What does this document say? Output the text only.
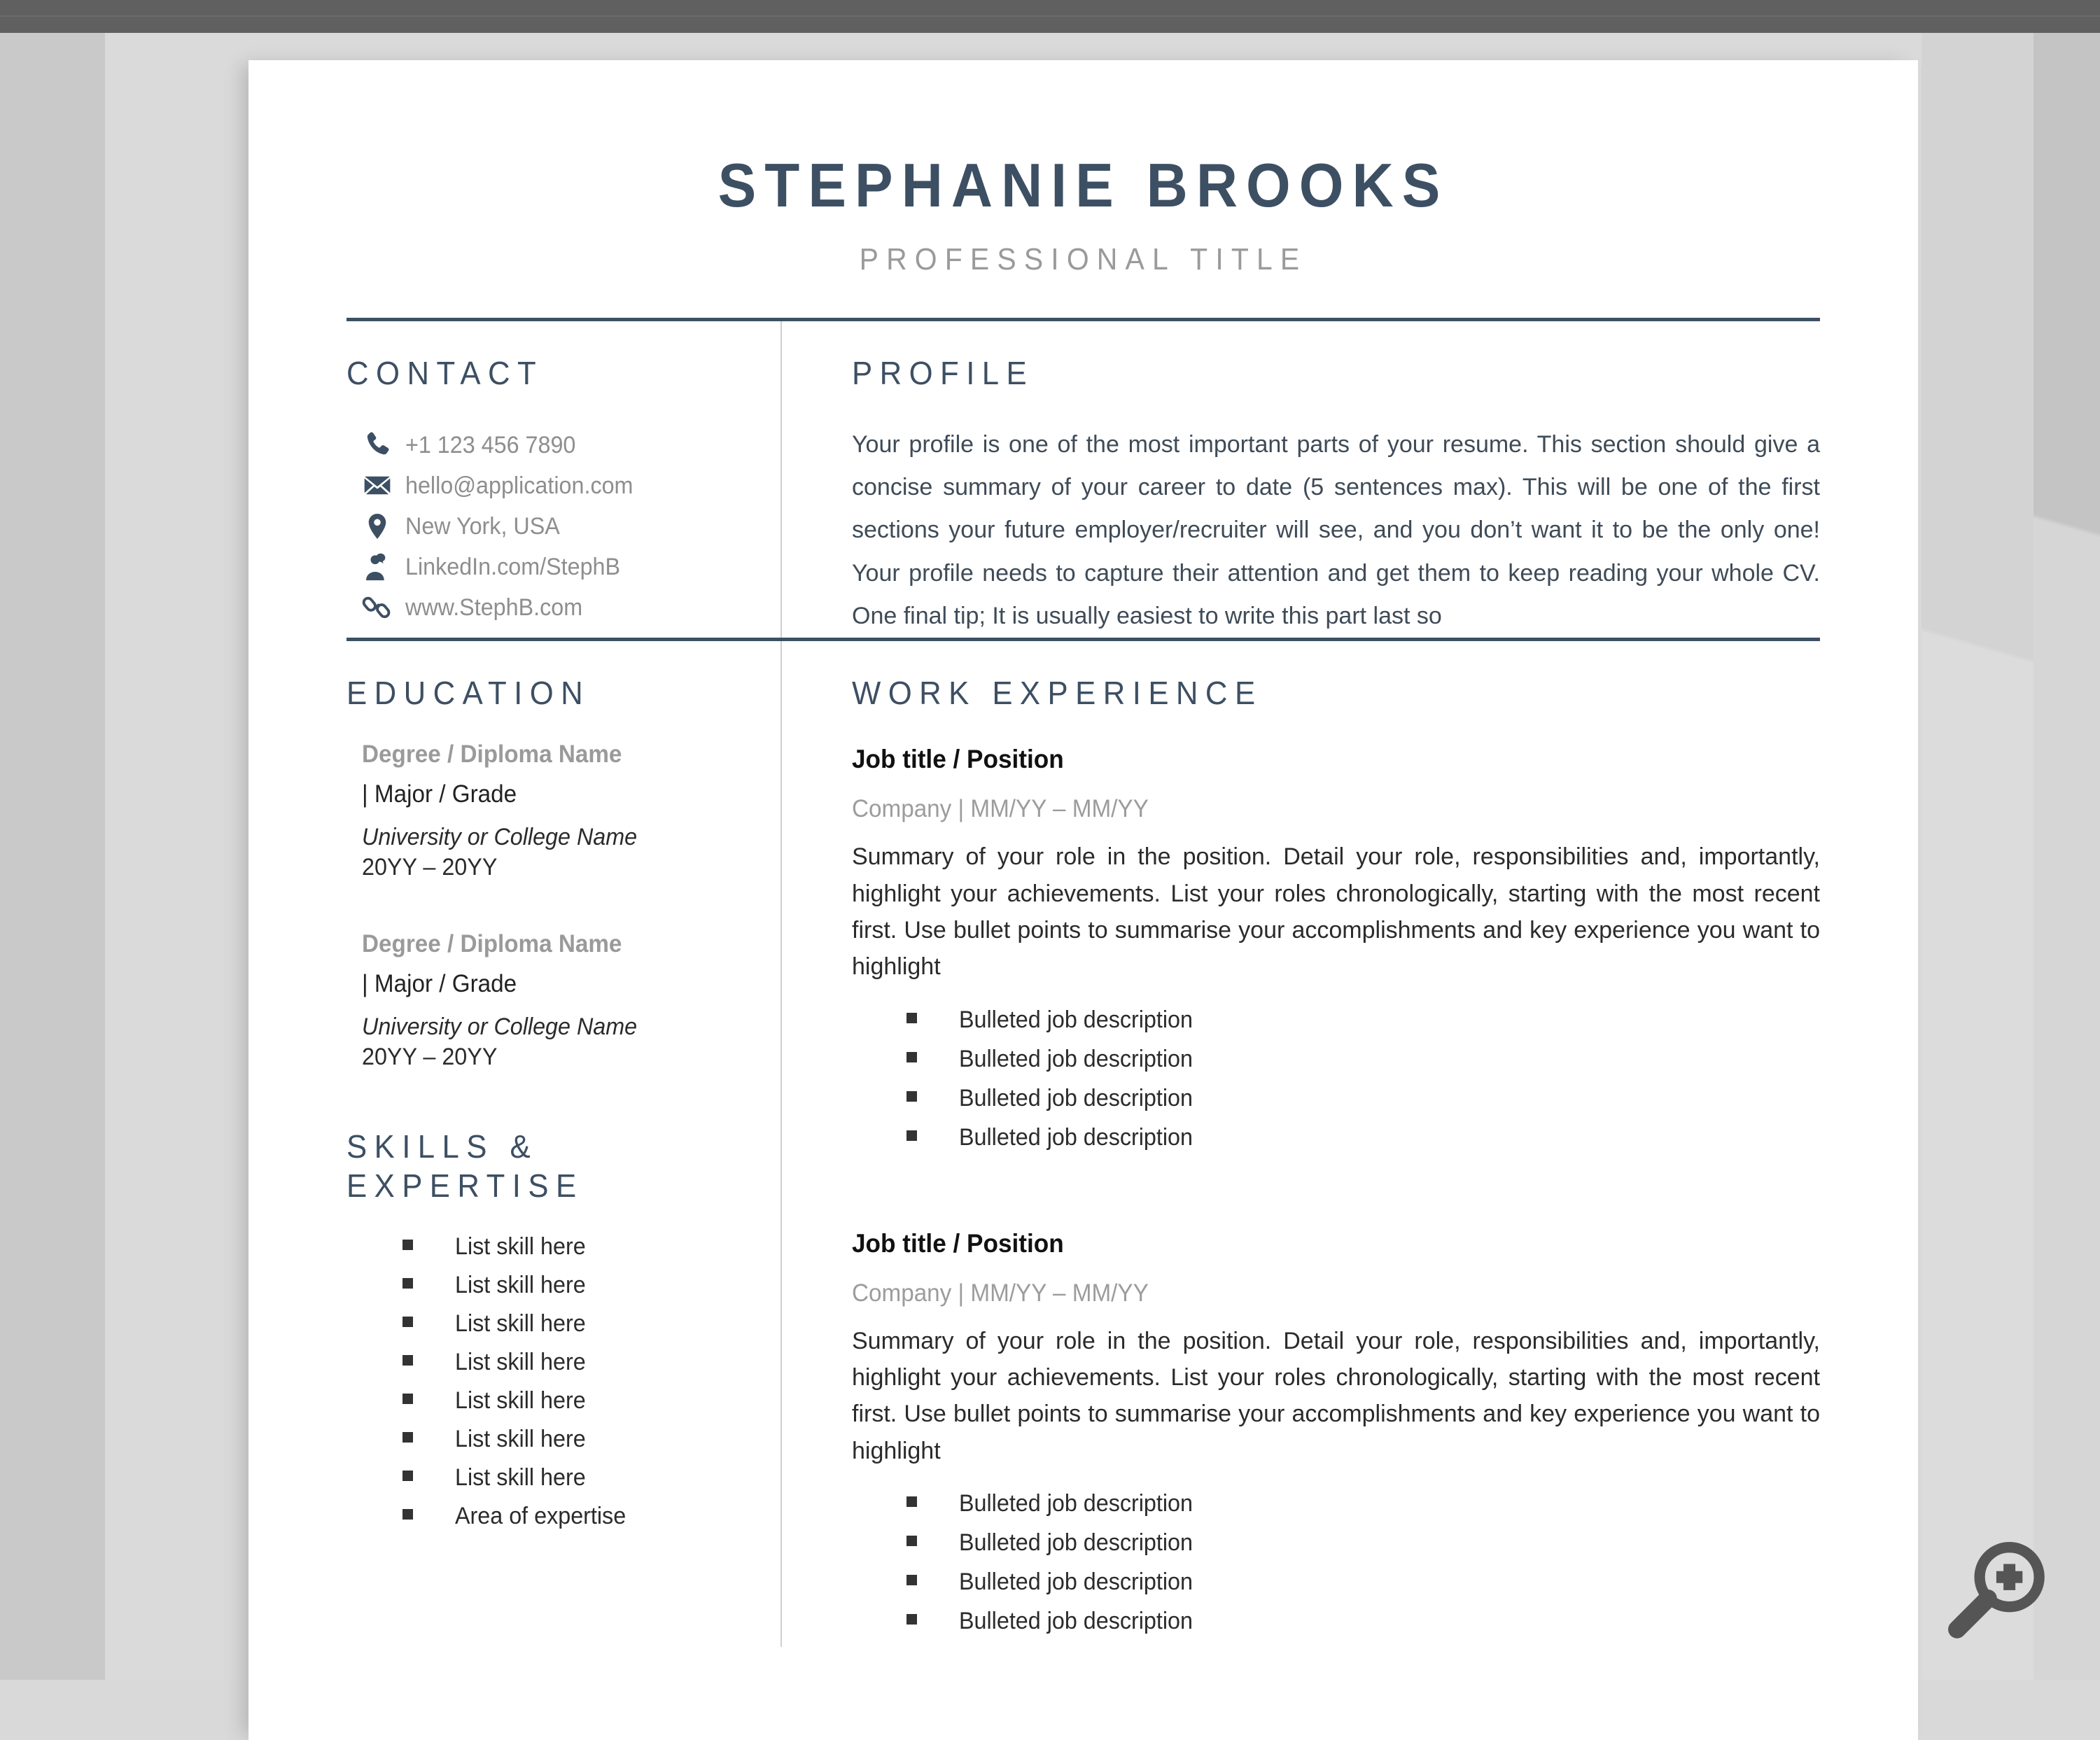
STEPHANIE BROOKS
PROFESSIONAL TITLE
CONTACT
+1 123 456 7890
hello@application.com
New York, USA
LinkedIn.com/StephB
www.StephB.com
PROFILE

Your profile is one of the most important parts of your resume. This section should give a concise summary of your career to date (5 sentences max). This will be one of the first sections your future employer/recruiter will see, and you don’t want it to be the only one! Your profile needs to capture their attention and get them to keep reading your whole CV. One final tip; It is usually easiest to write this part last so

EDUCATION
Degree / Diploma Name
| Major / Grade
University or College Name
20YY – 20YY
Degree / Diploma Name
| Major / Grade
University or College Name
20YY – 20YY
SKILLS & EXPERTISE
List skill here
List skill here
List skill here
List skill here
List skill here
List skill here
List skill here
Area of expertise
WORK EXPERIENCE
Job title / Position
Company | MM/YY – MM/YY

Summary of your role in the position. Detail your role, responsibilities and, importantly, highlight your achievements. List your roles chronologically, starting with the most recent first. Use bullet points to summarise your accomplishments and key experience you want to highlight

Bulleted job description
Bulleted job description
Bulleted job description
Bulleted job description
Job title / Position
Company | MM/YY – MM/YY

Summary of your role in the position. Detail your role, responsibilities and, importantly, highlight your achievements. List your roles chronologically, starting with the most recent first. Use bullet points to summarise your accomplishments and key experience you want to highlight

Bulleted job description
Bulleted job description
Bulleted job description
Bulleted job description
